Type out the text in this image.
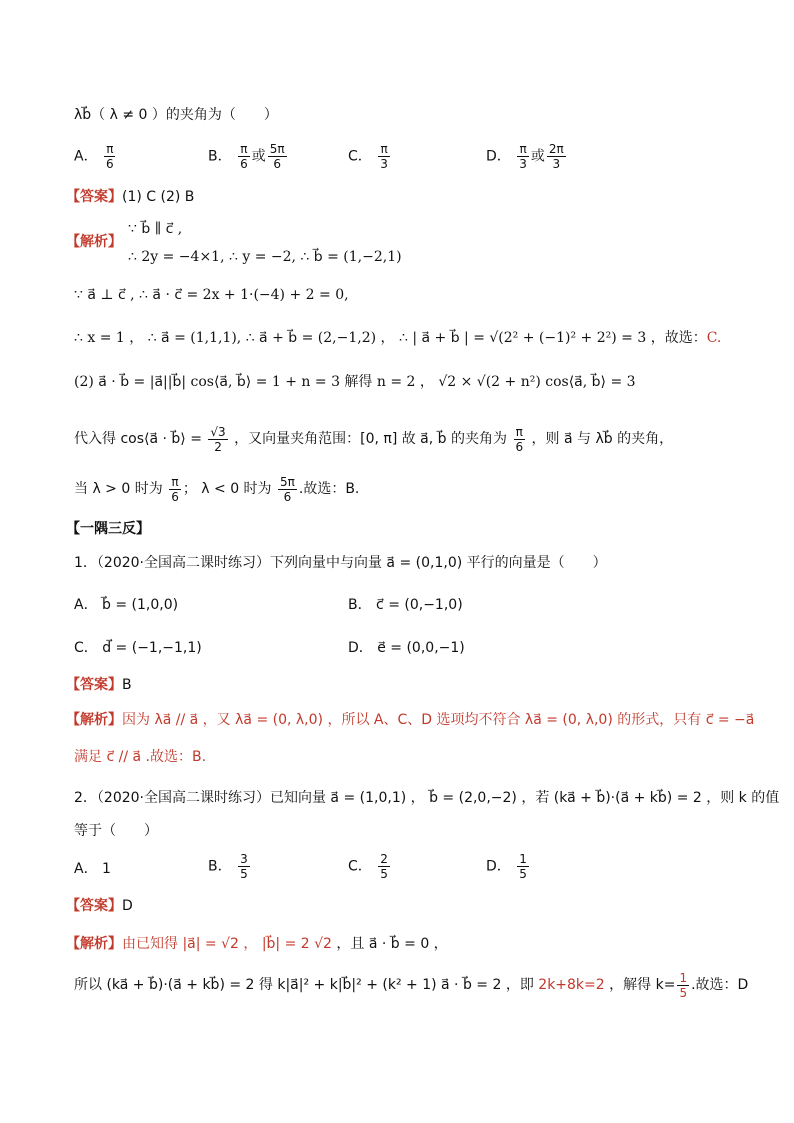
λb⃗（ λ ≠ 0 ）的夹角为（　　）
A． $\frac{\pi}{6}$	B． $\frac{\pi}{6}$ 或 $\frac{5\pi}{6}$	C． $\frac{\pi}{3}$	D． $\frac{\pi}{3}$ 或 $\frac{2\pi}{3}$
【答案】(1) C (2) B
【解析】
∵ b⃗ ∥ c⃗ ,
∴ 2y = −4×1, ∴ y = −2, ∴ b⃗ = (1,−2,1)
∵ a⃗ ⊥ c⃗ , ∴ a⃗ · c⃗ = 2x + 1·(−4) + 2 = 0,
∴ x = 1 ， ∴ a⃗ = (1,1,1), ∴ a⃗ + b⃗ = (2,−1,2) ， ∴ | a⃗ + b⃗ | = √(2² + (−1)² + 2²) = 3 ，故选：C.
(2) a⃗ · b⃗ = |a⃗||b⃗| cos⟨a⃗, b⃗⟩ = 1 + n = 3 解得 n = 2 ， √2 × √(2 + n²) cos⟨a⃗, b⃗⟩ = 3
代入得 cos⟨a⃗ · b⃗⟩ = $\frac{√3}{2}$ ，又向量夹角范围：[0, π] 故 a⃗, b⃗ 的夹角为 $\frac{\pi}{6}$ ，则 a⃗ 与 λb⃗ 的夹角，
当 λ > 0 时为 $\frac{\pi}{6}$ ； λ < 0 时为 $\frac{5\pi}{6}$ .故选：B.
【一隅三反】
1．（2020·全国高二课时练习）下列向量中与向量 a⃗ = (0,1,0) 平行的向量是（　　）
A． b⃗ = (1,0,0)	B． c⃗ = (0,−1,0)
C． d⃗ = (−1,−1,1)	D． e⃗ = (0,0,−1)
【答案】B
【解析】因为 λa⃗ // a⃗ ，又 λa⃗ = (0, λ,0) ，所以 A、C、D 选项均不符合 λa⃗ = (0, λ,0) 的形式，只有 c⃗ = −a⃗
满足 c⃗ // a⃗ .故选：B.
2．（2020·全国高二课时练习）已知向量 a⃗ = (1,0,1) ， b⃗ = (2,0,−2) ，若 (ka⃗ + b⃗)·(a⃗ + kb⃗) = 2 ，则 k 的值
等于（　　）
A． 1	B． $\frac{3}{5}$	C． $\frac{2}{5}$	D． $\frac{1}{5}$
【答案】D
【解析】由已知得 |a⃗| = √2 ， |b⃗| = 2 √2 ，且 a⃗ · b⃗ = 0 ，
所以 (ka⃗ + b⃗)·(a⃗ + kb⃗) = 2 得 k|a⃗|² + k|b⃗|² + (k² + 1) a⃗ · b⃗ = 2 ，即 2k+8k=2 ，解得 $k= \frac{1}{5}$ .故选：D
